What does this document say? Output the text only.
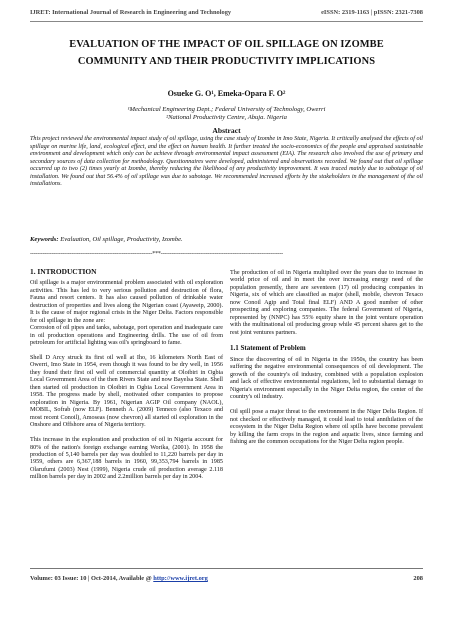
IJRET: International Journal of Research in Engineering and Technology	eISSN: 2319-1163 | pISSN: 2321-7308
EVALUATION OF THE IMPACT OF OIL SPILLAGE ON IZOMBE
COMMUNITY AND THEIR PRODUCTIVITY IMPLICATIONS
Osueke G. O¹, Emeka-Opara F. O²
¹Mechanical Engineering Dept.; Federal University of Technology, Owerri
²National Productivity Centre, Abuja. Nigeria
Abstract
This project reviewed the environmental impact study of oil spillage, using the case study of Izombe in Imo State, Nigeria. It critically analysed the effects of oil spillage on marine life, land, ecological effect, and the effect on human health. It further treated the socio-economics of the people and appraised sustainable environment and development which only can be achieve through environmental impact assessment (EIA). The research also involved the use of primary and secondary sources of data collection for methodology. Questionnaires were developed, administered and observations recorded. We found out that oil spillage occurred up to two (2) times yearly at Izombe, thereby reducing the likelihood of any productivity improvement. It was traced mainly due to sabotage of oil installation. We found out that 56.4% of oil spillage was due to sabotage. We recommended increased efforts by the stakeholders in the management of the oil installations.
Keywords: Evaluation, Oil spillage, Productivity, Izombe.
--------------------------------------------------------------------***--------------------------------------------------------------------
1. INTRODUCTION

Oil spillage is a major environmental problem associated with oil exploration activities. This has led to very serious pollution and destruction of flora, Fauna and resort centers. It has also caused pollution of drinkable water destruction of properties and lives along the Nigerian coast (Ayaweip, 2000). It is the cause of major regional crisis in the Niger Delta. Factors responsible for oil spillage in the zone are:

Corrosion of oil pipes and tanks, sabotage, port operation and inadequate care in oil production operations and Engineering drills. The use of oil from petroleum for artificial lighting was oil's springboard to fame.

Shell D Arcy struck its first oil well at Iho, 16 kilometers North East of Owerri, Imo State in 1954, even though it was found to be dry well, in 1956 they found their first oil well of commercial quantity at Oloibiri in Ogbia Local Government Area of the then Rivers State and now Bayelsa State. Shell then started oil production in Oloibiri in Ogbia Local Government Area in 1958. The progress made by shell, motivated other companies to propose exploration in Nigeria. By 1961, Nigerian AGIP Oil company (NAOL), MOBIL, Sofrab (now ELF). Benneth A. (2009) Tenneco (also Texaco and most recent Conoil), Amoseas (now chevron) all started oil exploration in the Onshore and Offshore area of Nigeria territory.

This increase in the exploration and production of oil in Nigeria account for 80% of the nation's foreign exchange earning Worika, (2001). In 1958 the production of 5,140 barrels per day was doubled to 11,220 barrels per day in 1959, others are 6,367,188 barrels in 1960, 99,353,794 barrels in 1985 Olarufumi (2003) Nest (1999), Nigeria crude oil production average 2.118 million barrels per day in 2002 and 2.2million barrels per day in 2004.

The production of oil in Nigeria multiplied over the years due to increase in world price of oil and in meet the over increasing energy need of the population presently, there are seventeen (17) oil producing companies in Nigeria, six of which are classified as major (shell, mobile, chevron Texaco now Conoil Agip and Total final ELF) AND A good number of other prospecting and exploring companies. The federal Government of Nigeria, represented by (NNPC) has 55% equity share in the joint venture operation with the multinational oil producing group while 45 percent shares get to the rest joint ventures partners.

1.1 Statement of Problem

Since the discovering of oil in Nigeria in the 1950s, the country has been suffering the negative environmental consequences of oil development. The growth of the country's oil industry, combined with a population explosion and lack of effective environmental regulations, led to substantial damage to Nigeria's environment especially in the Niger Delta region, the center of the country's oil industry.

Oil spill pose a major threat to the environment in the Niger Delta Region. If not checked or effectively managed, it could lead to total annihilation of the ecosystem in the Niger Delta Region where oil spills have become prevalent by killing the farm crops in the region and aquatic lives, since farming and fishing are the common occupations for the Niger Delta region people.

Volume: 03 Issue: 10 | Oct-2014, Available @ http://www.ijret.org	208
